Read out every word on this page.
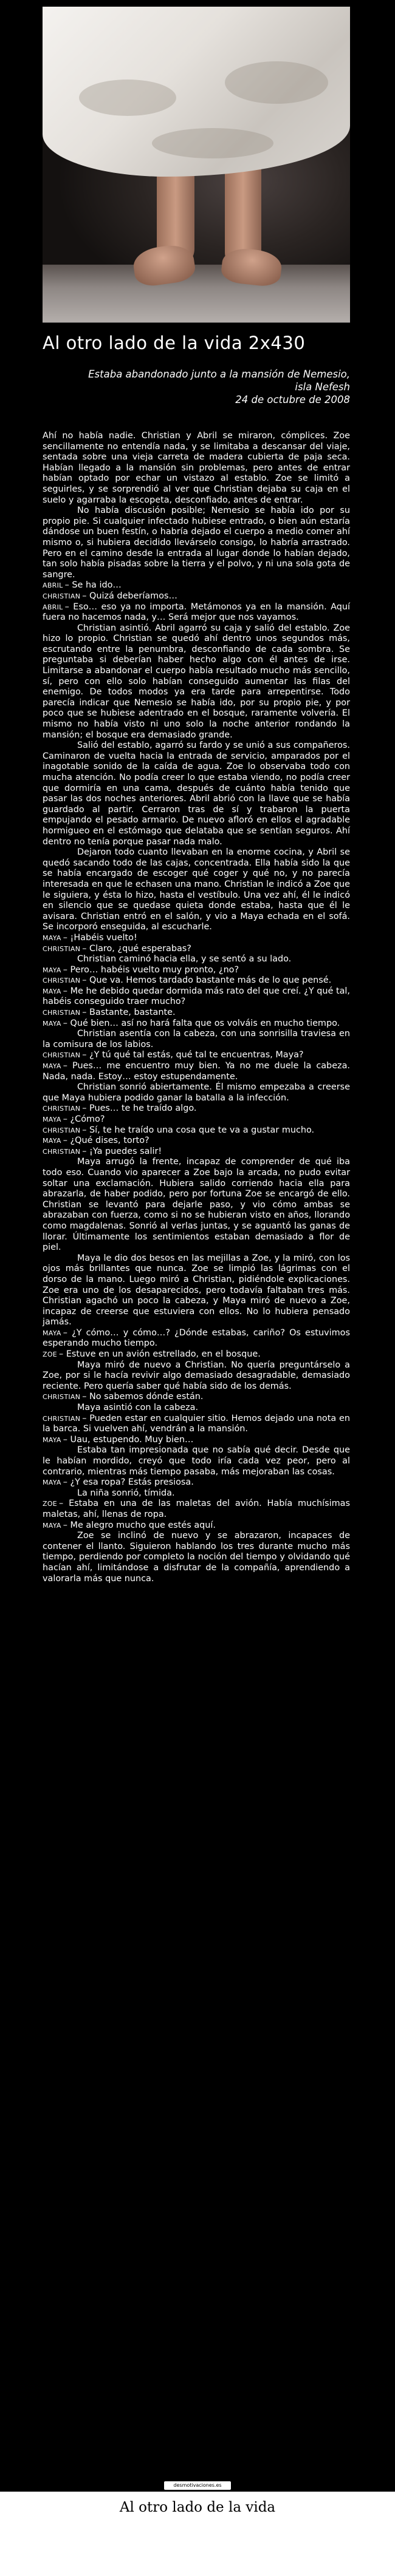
Al otro lado de la vida 2x430
Estaba abandonado junto a la mansión de Nemesio,
isla Nefesh
24 de octubre de 2008

Ahí no había nadie. Christian y Abril se miraron, cómplices. Zoe sencillamente no entendía nada, y se limitaba a descansar del viaje, sentada sobre una vieja carreta de madera cubierta de paja seca. Habían llegado a la mansión sin problemas, pero antes de entrar habían optado por echar un vistazo al establo. Zoe se limitó a seguirles, y se sorprendió al ver que Christian dejaba su caja en el suelo y agarraba la escopeta, desconfiado, antes de entrar.

No había discusión posible; Nemesio se había ido por su propio pie. Si cualquier infectado hubiese entrado, o bien aún estaría dándose un buen festín, o habría dejado el cuerpo a medio comer ahí mismo o, si hubiera decidido llevárselo consigo, lo habría arrastrado. Pero en el camino desde la entrada al lugar donde lo habían dejado, tan solo había pisadas sobre la tierra y el polvo, y ni una sola gota de sangre.

ABRIL – Se ha ido…

CHRISTIAN – Quizá deberíamos…

ABRIL – Eso… eso ya no importa. Metámonos ya en la mansión. Aquí fuera no hacemos nada, y… Será mejor que nos vayamos.

Christian asintió. Abril agarró su caja y salió del establo. Zoe hizo lo propio. Christian se quedó ahí dentro unos segundos más, escrutando entre la penumbra, desconfiando de cada sombra. Se preguntaba si deberían haber hecho algo con él antes de irse. Limitarse a abandonar el cuerpo había resultado mucho más sencillo, sí, pero con ello solo habían conseguido aumentar las filas del enemigo. De todos modos ya era tarde para arrepentirse. Todo parecía indicar que Nemesio se había ido, por su propio pie, y por poco que se hubiese adentrado en el bosque, raramente volvería. El mismo no había visto ni uno solo la noche anterior rondando la mansión; el bosque era demasiado grande.

Salió del establo, agarró su fardo y se unió a sus compañeros. Caminaron de vuelta hacia la entrada de servicio, amparados por el inagotable sonido de la caída de agua. Zoe lo observaba todo con mucha atención. No podía creer lo que estaba viendo, no podía creer que dormiría en una cama, después de cuánto había tenido que pasar las dos noches anteriores. Abril abrió con la llave que se había guardado al partir. Cerraron tras de sí y trabaron la puerta empujando el pesado armario. De nuevo afloró en ellos el agradable hormigueo en el estómago que delataba que se sentían seguros. Ahí dentro no tenía porque pasar nada malo.

Dejaron todo cuanto llevaban en la enorme cocina, y Abril se quedó sacando todo de las cajas, concentrada. Ella había sido la que se había encargado de escoger qué coger y qué no, y no parecía interesada en que le echasen una mano. Christian le indicó a Zoe que le siguiera, y ésta lo hizo, hasta el vestíbulo. Una vez ahí, él le indicó en silencio que se quedase quieta donde estaba, hasta que él le avisara. Christian entró en el salón, y vio a Maya echada en el sofá. Se incorporó enseguida, al escucharle.

MAYA – ¡Habéis vuelto!

CHRISTIAN – Claro, ¿qué esperabas?

Christian caminó hacia ella, y se sentó a su lado.

MAYA – Pero… habéis vuelto muy pronto, ¿no?

CHRISTIAN – Que va. Hemos tardado bastante más de lo que pensé.

MAYA – Me he debido quedar dormida más rato del que creí. ¿Y qué tal, habéis conseguido traer mucho?

CHRISTIAN – Bastante, bastante.

MAYA – Qué bien… así no hará falta que os volváis en mucho tiempo.

Christian asentía con la cabeza, con una sonrisilla traviesa en la comisura de los labios.

CHRISTIAN – ¿Y tú qué tal estás, qué tal te encuentras, Maya?

MAYA – Pues… me encuentro muy bien. Ya no me duele la cabeza. Nada, nada. Estoy… estoy estupendamente.

Christian sonrió abiertamente. Él mismo empezaba a creerse que Maya hubiera podido ganar la batalla a la infección.

CHRISTIAN – Pues… te he traído algo.

MAYA – ¿Cómo?

CHRISTIAN – Sí, te he traído una cosa que te va a gustar mucho.

MAYA – ¿Qué dises, torto?

CHRISTIAN – ¡Ya puedes salir!

Maya arrugó la frente, incapaz de comprender de qué iba todo eso. Cuando vio aparecer a Zoe bajo la arcada, no pudo evitar soltar una exclamación. Hubiera salido corriendo hacia ella para abrazarla, de haber podido, pero por fortuna Zoe se encargó de ello. Christian se levantó para dejarle paso, y vio cómo ambas se abrazaban con fuerza, como si no se hubieran visto en años, llorando como magdalenas. Sonrió al verlas juntas, y se aguantó las ganas de llorar. Últimamente los sentimientos estaban demasiado a flor de piel.

Maya le dio dos besos en las mejillas a Zoe, y la miró, con los ojos más brillantes que nunca. Zoe se limpió las lágrimas con el dorso de la mano. Luego miró a Christian, pidiéndole explicaciones. Zoe era uno de los desaparecidos, pero todavía faltaban tres más. Christian agachó un poco la cabeza, y Maya miró de nuevo a Zoe, incapaz de creerse que estuviera con ellos. No lo hubiera pensado jamás.

MAYA – ¿Y cómo… y cómo…? ¿Dónde estabas, cariño? Os estuvimos esperando mucho tiempo.

ZOE – Estuve en un avión estrellado, en el bosque.

Maya miró de nuevo a Christian. No quería preguntárselo a Zoe, por si le hacía revivir algo demasiado desagradable, demasiado reciente. Pero quería saber qué había sido de los demás.

CHRISTIAN – No sabemos dónde están.

Maya asintió con la cabeza.

CHRISTIAN – Pueden estar en cualquier sitio. Hemos dejado una nota en la barca. Si vuelven ahí, vendrán a la mansión.

MAYA – Uau, estupendo. Muy bien…

Estaba tan impresionada que no sabía qué decir. Desde que le habían mordido, creyó que todo iría cada vez peor, pero al contrario, mientras más tiempo pasaba, más mejoraban las cosas.

MAYA – ¿Y esa ropa? Estás presiosa.

La niña sonrió, tímida.

ZOE – Estaba en una de las maletas del avión. Había muchísimas maletas, ahí, llenas de ropa.

MAYA – Me alegro mucho que estés aquí.

Zoe se inclinó de nuevo y se abrazaron, incapaces de contener el llanto. Siguieron hablando los tres durante mucho más tiempo, perdiendo por completo la noción del tiempo y olvidando qué hacían ahí, limitándose a disfrutar de la compañía, aprendiendo a valorarla más que nunca.

desmotivaciones.es
Al otro lado de la vida
